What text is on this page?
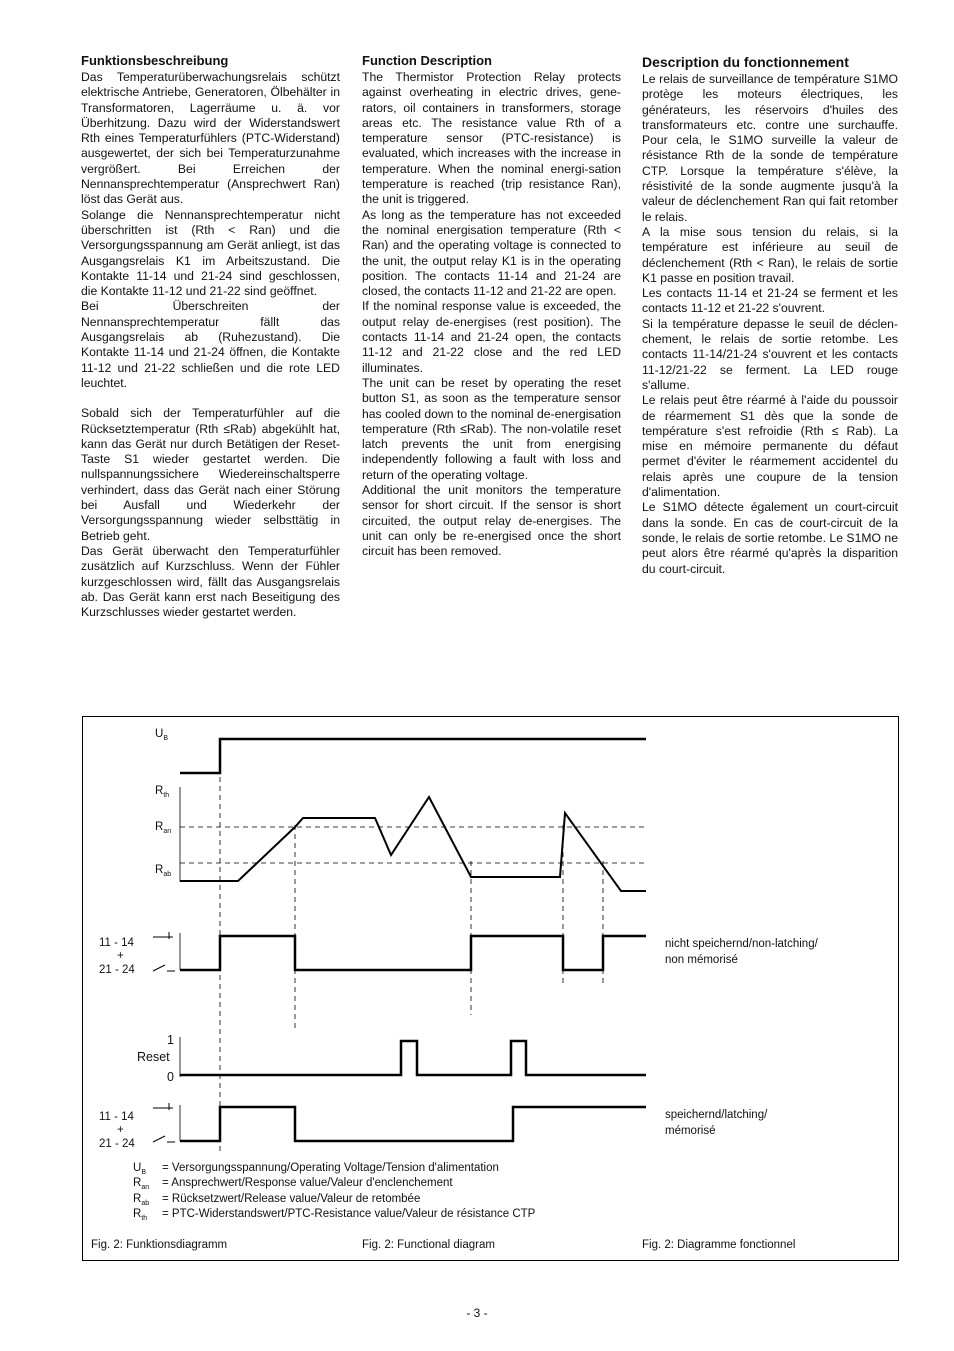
Funktionsbeschreibung

Das Temperaturüberwachungsrelais schützt elektrische Antriebe, Generatoren, Ölbehälter in Transformatoren, Lagerräume u. ä. vor Überhitzung. Dazu wird der Widerstandswert Rth eines Temperaturfühlers (PTC-Widerstand) ausgewertet, der sich bei Temperaturzunahme vergrößert. Bei Erreichen der Nennansprechtemperatur (Ansprechwert Ran) löst das Gerät aus.

Solange die Nennansprechtemperatur nicht überschritten ist (Rth < Ran) und die Versorgungsspannung am Gerät anliegt, ist das Ausgangsrelais K1 im Arbeitszustand. Die Kontakte 11-14 und 21-24 sind geschlossen, die Kontakte 11-12 und 21-22 sind geöffnet.

Bei Überschreiten der Nennansprechtemperatur fällt das Ausgangsrelais ab (Ruhezustand). Die Kontakte 11-14 und 21-24 öffnen, die Kontakte 11-12 und 21-22 schließen und die rote LED leuchtet.

Sobald sich der Temperaturfühler auf die Rücksetztemperatur (Rth ≤Rab) abgekühlt hat, kann das Gerät nur durch Betätigen der Reset-Taste S1 wieder gestartet werden. Die nullspannungssichere Wiedereinschaltsperre verhindert, dass das Gerät nach einer Störung bei Ausfall und Wiederkehr der Versorgungsspannung wieder selbsttätig in Betrieb geht.

Das Gerät überwacht den Temperaturfühler zusätzlich auf Kurzschluss. Wenn der Fühler kurzgeschlossen wird, fällt das Ausgangsrelais ab. Das Gerät kann erst nach Beseitigung des Kurzschlusses wieder gestartet werden.

Function Description

The Thermistor Protection Relay protects against overheating in electric drives, gene-rators, oil containers in transformers, storage areas etc. The resistance value Rth of a temperature sensor (PTC-resistance) is evaluated, which increases with the increase in temperature. When the nominal energi-sation temperature is reached (trip resistance Ran), the unit is triggered.

As long as the temperature has not exceeded the nominal energisation temperature (Rth < Ran) and the operating voltage is connected to the unit, the output relay K1 is in the operating position. The contacts 11-14 and 21-24 are closed, the contacts 11-12 and 21-22 are open.

If the nominal response value is exceeded, the output relay de-energises (rest position). The contacts 11-14 and 21-24 open, the contacts 11-12 and 21-22 close and the red LED illuminates.

The unit can be reset by operating the reset button S1, as soon as the temperature sensor has cooled down to the nominal de-energisation temperature (Rth ≤Rab). The non-volatile reset latch prevents the unit from energising independently following a fault with loss and return of the operating voltage.

Additional the unit monitors the temperature sensor for short circuit. If the sensor is short circuited, the output relay de-energises. The unit can only be re-energised once the short circuit has been removed.

Description du fonctionnement

Le relais de surveillance de température S1MO protège les moteurs électriques, les générateurs, les réservoirs d'huiles des transformateurs etc. contre une surchauffe. Pour cela, le S1MO surveille la valeur de résistance Rth de la sonde de température CTP. Lorsque la température s'élève, la résistivité de la sonde augmente jusqu'à la valeur de déclenchement Ran qui fait retomber le relais.

A la mise sous tension du relais, si la température est inférieure au seuil de déclenchement (Rth < Ran), le relais de sortie K1 passe en position travail.

Les contacts 11-14 et 21-24 se ferment et les contacts 11-12 et 21-22 s'ouvrent.

Si la température depasse le seuil de déclen- chement, le relais de sortie retombe. Les contacts 11-14/21-24 s'ouvrent et les contacts 11-12/21-22 se ferment. La LED rouge s'allume.

Le relais peut être réarmé à l'aide du poussoir de réarmement S1 dès que la sonde de température s'est refroidie (Rth ≤ Rab). La mise en mémoire permanente du défaut permet d'éviter le réarmement accidentel du relais après une coupure de la tension d'alimentation.

Le S1MO détecte également un court-circuit dans la sonde. En cas de court-circuit de la sonde, le relais de sortie retombe. Le S1MO ne peut alors être réarmé qu'après la disparition du court-circuit.

$U_B$
$R_{th}$
$R_{an}$
$R_{ab}$
11 - 14
+
21 - 24
1
Reset
0
11 - 14
+
21 - 24
nicht speichernd/non-latching/
non mémorisé
speichernd/latching/
mémorisé
$U_B$ = Versorgungsspannung/Operating Voltage/Tension d'alimentation
$R_{an}$ = Ansprechwert/Response value/Valeur d'enclenchement
$R_{ab}$ = Rücksetzwert/Release value/Valeur de retombée
$R_{th}$ = PTC-Widerstandswert/PTC-Resistance value/Valeur de résistance CTP
Fig. 2: Funktionsdiagramm	Fig. 2: Functional diagram	Fig. 2: Diagramme fonctionnel
- 3 -
